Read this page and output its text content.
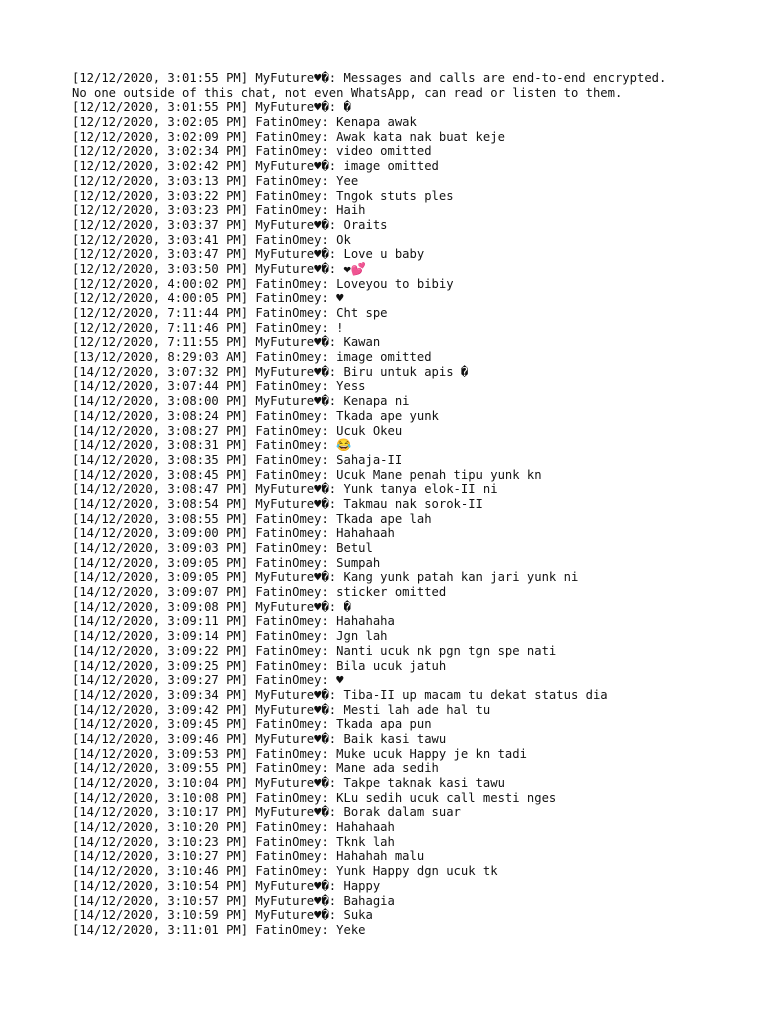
[12/12/2020, 3:01:55 PM] MyFuture♥�: Messages and calls are end-to-end encrypted.
No one outside of this chat, not even WhatsApp, can read or listen to them.
[12/12/2020, 3:01:55 PM] MyFuture♥�: �
[12/12/2020, 3:02:05 PM] FatinOmey: Kenapa awak
[12/12/2020, 3:02:09 PM] FatinOmey: Awak kata nak buat keje
[12/12/2020, 3:02:34 PM] FatinOmey: video omitted
[12/12/2020, 3:02:42 PM] MyFuture♥�: image omitted
[12/12/2020, 3:03:13 PM] FatinOmey: Yee
[12/12/2020, 3:03:22 PM] FatinOmey: Tngok stuts ples
[12/12/2020, 3:03:23 PM] FatinOmey: Haih
[12/12/2020, 3:03:37 PM] MyFuture♥�: Oraits
[12/12/2020, 3:03:41 PM] FatinOmey: Ok
[12/12/2020, 3:03:47 PM] MyFuture♥�: Love u baby
[12/12/2020, 3:03:50 PM] MyFuture♥�: ❤💕
[12/12/2020, 4:00:02 PM] FatinOmey: Loveyou to bibiy
[12/12/2020, 4:00:05 PM] FatinOmey: ♥
[12/12/2020, 7:11:44 PM] FatinOmey: Cht spe
[12/12/2020, 7:11:46 PM] FatinOmey: !
[12/12/2020, 7:11:55 PM] MyFuture♥�: Kawan
[13/12/2020, 8:29:03 AM] FatinOmey: image omitted
[14/12/2020, 3:07:32 PM] MyFuture♥�: Biru untuk apis �
[14/12/2020, 3:07:44 PM] FatinOmey: Yess
[14/12/2020, 3:08:00 PM] MyFuture♥�: Kenapa ni
[14/12/2020, 3:08:24 PM] FatinOmey: Tkada ape yunk
[14/12/2020, 3:08:27 PM] FatinOmey: Ucuk Okeu
[14/12/2020, 3:08:31 PM] FatinOmey: 😂
[14/12/2020, 3:08:35 PM] FatinOmey: Sahaja-II
[14/12/2020, 3:08:45 PM] FatinOmey: Ucuk Mane penah tipu yunk kn
[14/12/2020, 3:08:47 PM] MyFuture♥�: Yunk tanya elok-II ni
[14/12/2020, 3:08:54 PM] MyFuture♥�: Takmau nak sorok-II
[14/12/2020, 3:08:55 PM] FatinOmey: Tkada ape lah
[14/12/2020, 3:09:00 PM] FatinOmey: Hahahaah
[14/12/2020, 3:09:03 PM] FatinOmey: Betul
[14/12/2020, 3:09:05 PM] FatinOmey: Sumpah
[14/12/2020, 3:09:05 PM] MyFuture♥�: Kang yunk patah kan jari yunk ni
[14/12/2020, 3:09:07 PM] FatinOmey: sticker omitted
[14/12/2020, 3:09:08 PM] MyFuture♥�: �
[14/12/2020, 3:09:11 PM] FatinOmey: Hahahaha
[14/12/2020, 3:09:14 PM] FatinOmey: Jgn lah
[14/12/2020, 3:09:22 PM] FatinOmey: Nanti ucuk nk pgn tgn spe nati
[14/12/2020, 3:09:25 PM] FatinOmey: Bila ucuk jatuh
[14/12/2020, 3:09:27 PM] FatinOmey: ♥
[14/12/2020, 3:09:34 PM] MyFuture♥�: Tiba-II up macam tu dekat status dia
[14/12/2020, 3:09:42 PM] MyFuture♥�: Mesti lah ade hal tu
[14/12/2020, 3:09:45 PM] FatinOmey: Tkada apa pun
[14/12/2020, 3:09:46 PM] MyFuture♥�: Baik kasi tawu
[14/12/2020, 3:09:53 PM] FatinOmey: Muke ucuk Happy je kn tadi
[14/12/2020, 3:09:55 PM] FatinOmey: Mane ada sedih
[14/12/2020, 3:10:04 PM] MyFuture♥�: Takpe taknak kasi tawu
[14/12/2020, 3:10:08 PM] FatinOmey: KLu sedih ucuk call mesti nges
[14/12/2020, 3:10:17 PM] MyFuture♥�: Borak dalam suar
[14/12/2020, 3:10:20 PM] FatinOmey: Hahahaah
[14/12/2020, 3:10:23 PM] FatinOmey: Tknk lah
[14/12/2020, 3:10:27 PM] FatinOmey: Hahahah malu
[14/12/2020, 3:10:46 PM] FatinOmey: Yunk Happy dgn ucuk tk
[14/12/2020, 3:10:54 PM] MyFuture♥�: Happy
[14/12/2020, 3:10:57 PM] MyFuture♥�: Bahagia
[14/12/2020, 3:10:59 PM] MyFuture♥�: Suka
[14/12/2020, 3:11:01 PM] FatinOmey: Yeke
